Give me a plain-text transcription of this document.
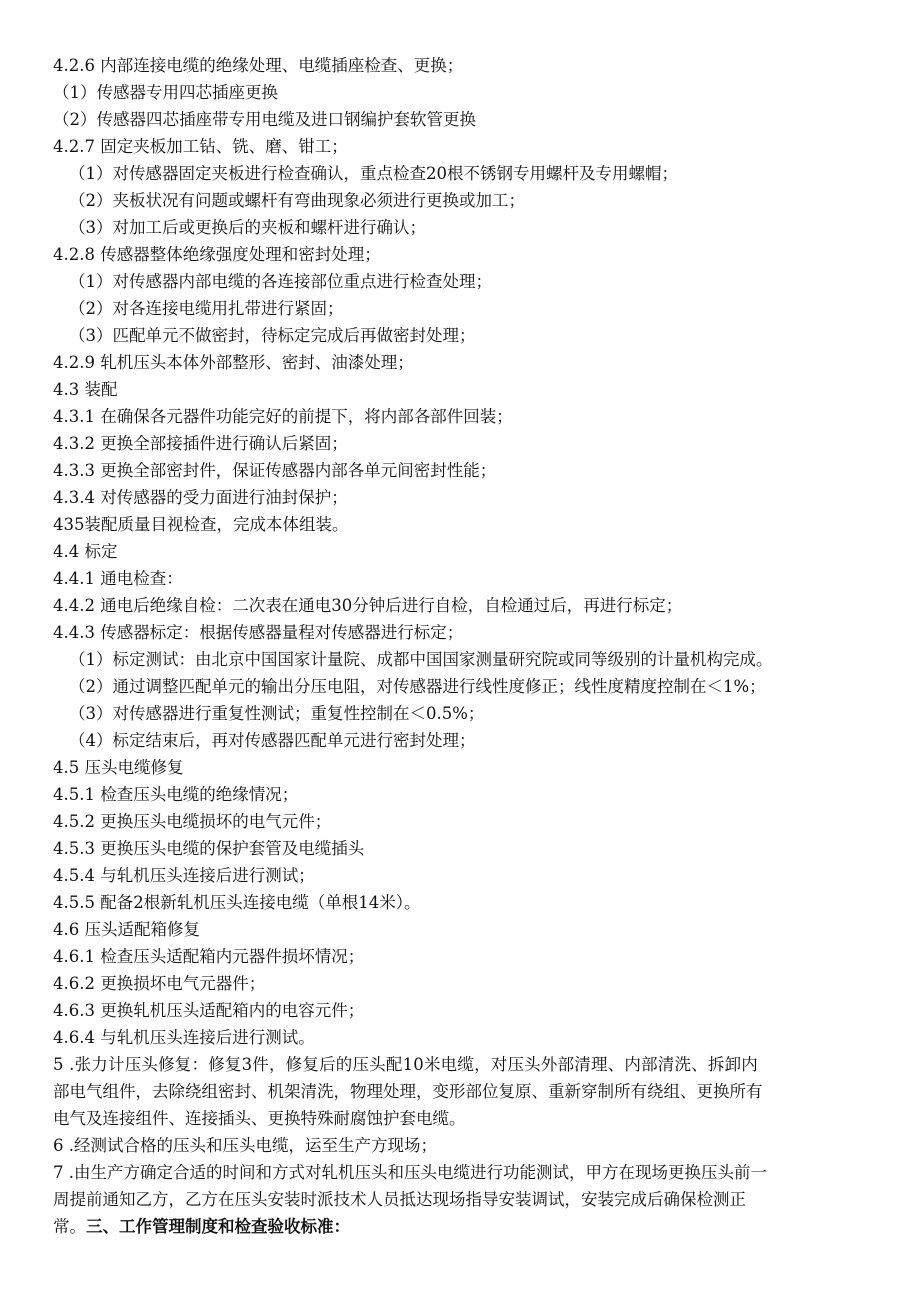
4.2.6 内部连接电缆的绝缘处理、电缆插座检查、更换；
（1）传感器专用四芯插座更换
（2）传感器四芯插座带专用电缆及进口钢编护套软管更换
4.2.7 固定夹板加工钻、铣、磨、钳工；
（1）对传感器固定夹板进行检查确认，重点检查20根不锈钢专用螺杆及专用螺帽；
（2）夹板状况有问题或螺杆有弯曲现象必须进行更换或加工；
（3）对加工后或更换后的夹板和螺杆进行确认；
4.2.8 传感器整体绝缘强度处理和密封处理；
（1）对传感器内部电缆的各连接部位重点进行检查处理；
（2）对各连接电缆用扎带进行紧固；
（3）匹配单元不做密封，待标定完成后再做密封处理；
4.2.9 轧机压头本体外部整形、密封、油漆处理；
4.3 装配
4.3.1 在确保各元器件功能完好的前提下，将内部各部件回装；
4.3.2 更换全部接插件进行确认后紧固；
4.3.3 更换全部密封件，保证传感器内部各单元间密封性能；
4.3.4 对传感器的受力面进行油封保护；
435装配质量目视检查，完成本体组装。
4.4 标定
4.4.1 通电检查：
4.4.2 通电后绝缘自检：二次表在通电30分钟后进行自检，自检通过后，再进行标定；
4.4.3 传感器标定：根据传感器量程对传感器进行标定；
（1）标定测试：由北京中国国家计量院、成都中国国家测量研究院或同等级别的计量机构完成。
（2）通过调整匹配单元的输出分压电阻，对传感器进行线性度修正；线性度精度控制在＜1%；
（3）对传感器进行重复性测试；重复性控制在＜0.5%；
（4）标定结束后，再对传感器匹配单元进行密封处理；
4.5 压头电缆修复
4.5.1 检查压头电缆的绝缘情况；
4.5.2 更换压头电缆损坏的电气元件；
4.5.3 更换压头电缆的保护套管及电缆插头
4.5.4 与轧机压头连接后进行测试；
4.5.5 配备2根新轧机压头连接电缆（单根14米）。
4.6 压头适配箱修复
4.6.1 检查压头适配箱内元器件损坏情况；
4.6.2 更换损坏电气元器件；
4.6.3 更换轧机压头适配箱内的电容元件；
4.6.4 与轧机压头连接后进行测试。
5 .张力计压头修复：修复3件，修复后的压头配10米电缆，对压头外部清理、内部清洗、拆卸内
部电气组件，去除绕组密封、机架清洗，物理处理，变形部位复原、重新穿制所有绕组、更换所有
电气及连接组件、连接插头、更换特殊耐腐蚀护套电缆。
6 .经测试合格的压头和压头电缆，运至生产方现场；
7 .由生产方确定合适的时间和方式对轧机压头和压头电缆进行功能测试，甲方在现场更换压头前一
周提前通知乙方，乙方在压头安装时派技术人员抵达现场指导安装调试，安装完成后确保检测正
常。三、工作管理制度和检查验收标准：
